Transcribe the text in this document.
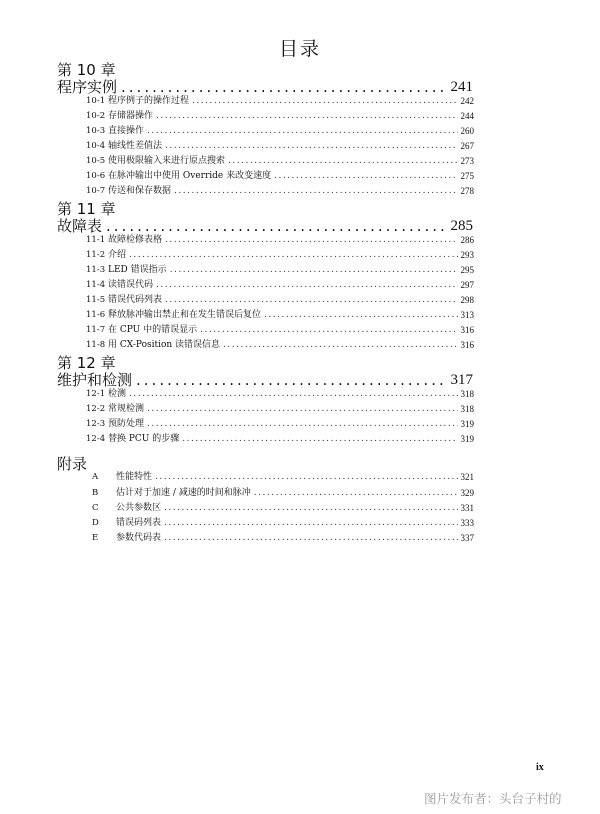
目录
第 10 章
程序实例 .....	241
10-1 程序例子的操作过程 .....	242
10-2 存储器操作 .....	244
10-3 直接操作 .....	260
10-4 轴线性差值法 .....	267
10-5 使用极限输入来进行原点搜索 .....	273
10-6 在脉冲输出中使用 Override 来改变速度 .....	275
10-7 传送和保存数据 .....	278
第 11 章
故障表 .....	285
11-1 故障检修表格 .....	286
11-2 介绍 .....	293
11-3 LED 错误指示 .....	295
11-4 读错误代码 .....	297
11-5 错误代码列表 .....	298
11-6 释放脉冲输出禁止和在发生错误后复位 .....	313
11-7 在 CPU 中的错误显示 .....	316
11-8 用 CX-Position 读错误信息 .....	316
第 12 章
维护和检测 .....	317
12-1 检测 .....	318
12-2 常规检测 .....	318
12-3 预防处理 .....	319
12-4 替换 PCU 的步骤 .....	319
附录
A	性能特性 .....	321
B	估计对于加速 / 减速的时间和脉冲 .....	329
C	公共参数区 .....	331
D	错误码列表 .....	333
E	参数代码表 .....	337
ix
图片发布者：头台子村的
